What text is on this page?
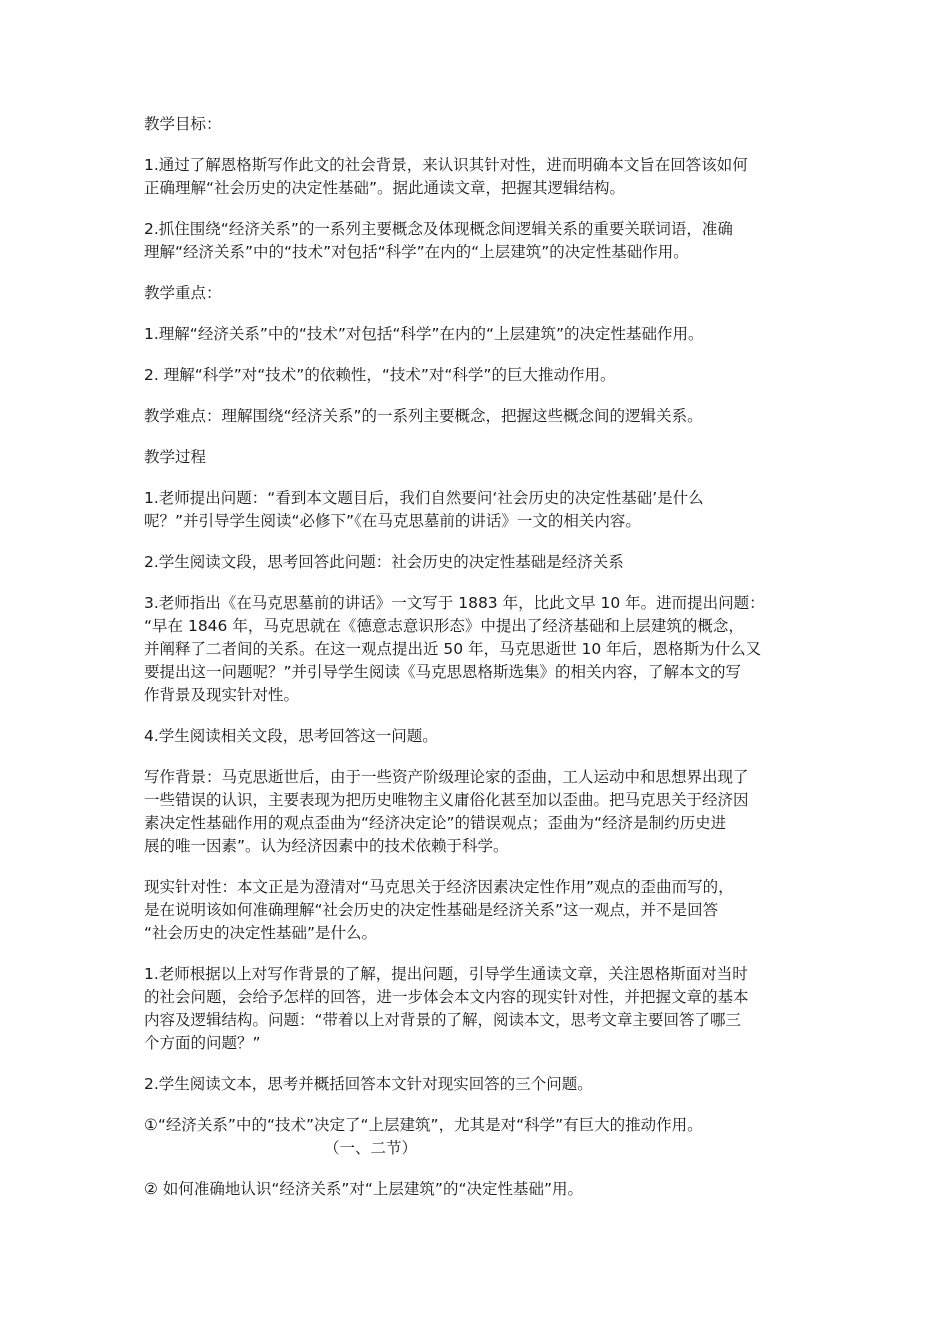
教学目标：
1.通过了解恩格斯写作此文的社会背景，来认识其针对性，进而明确本文旨在回答该如何
正确理解“社会历史的决定性基础”。据此通读文章，把握其逻辑结构。
2.抓住围绕“经济关系”的一系列主要概念及体现概念间逻辑关系的重要关联词语，准确
理解“经济关系”中的“技术”对包括“科学”在内的“上层建筑”的决定性基础作用。
教学重点：
1.理解“经济关系”中的“技术”对包括“科学”在内的“上层建筑”的决定性基础作用。
2. 理解“科学”对“技术”的依赖性，“技术”对“科学”的巨大推动作用。
教学难点：理解围绕“经济关系”的一系列主要概念，把握这些概念间的逻辑关系。
教学过程
1.老师提出问题：“看到本文题目后，我们自然要问‘社会历史的决定性基础’是什么
呢？”并引导学生阅读“必修下”《在马克思墓前的讲话》一文的相关内容。
2.学生阅读文段，思考回答此问题：社会历史的决定性基础是经济关系
3.老师指出《在马克思墓前的讲话》一文写于 1883 年，比此文早 10 年。进而提出问题：
“早在 1846 年，马克思就在《德意志意识形态》中提出了经济基础和上层建筑的概念，
并阐释了二者间的关系。在这一观点提出近 50 年，马克思逝世 10 年后，恩格斯为什么又
要提出这一问题呢？”并引导学生阅读《马克思恩格斯选集》的相关内容，了解本文的写
作背景及现实针对性。
4.学生阅读相关文段，思考回答这一问题。
写作背景：马克思逝世后，由于一些资产阶级理论家的歪曲，工人运动中和思想界出现了
一些错误的认识，主要表现为把历史唯物主义庸俗化甚至加以歪曲。把马克思关于经济因
素决定性基础作用的观点歪曲为“经济决定论”的错误观点；歪曲为“经济是制约历史进
展的唯一因素”。认为经济因素中的技术依赖于科学。
现实针对性：本文正是为澄清对“马克思关于经济因素决定性作用”观点的歪曲而写的，
是在说明该如何准确理解“社会历史的决定性基础是经济关系”这一观点，并不是回答
“社会历史的决定性基础”是什么。
1.老师根据以上对写作背景的了解，提出问题，引导学生通读文章，关注恩格斯面对当时
的社会问题，会给予怎样的回答，进一步体会本文内容的现实针对性，并把握文章的基本
内容及逻辑结构。问题：“带着以上对背景的了解，阅读本文，思考文章主要回答了哪三
个方面的问题？”
2.学生阅读文本，思考并概括回答本文针对现实回答的三个问题。
①“经济关系”中的“技术”决定了“上层建筑”，尤其是对“科学”有巨大的推动作用。
（一、二节）
② 如何准确地认识“经济关系”对“上层建筑”的“决定性基础”用。
